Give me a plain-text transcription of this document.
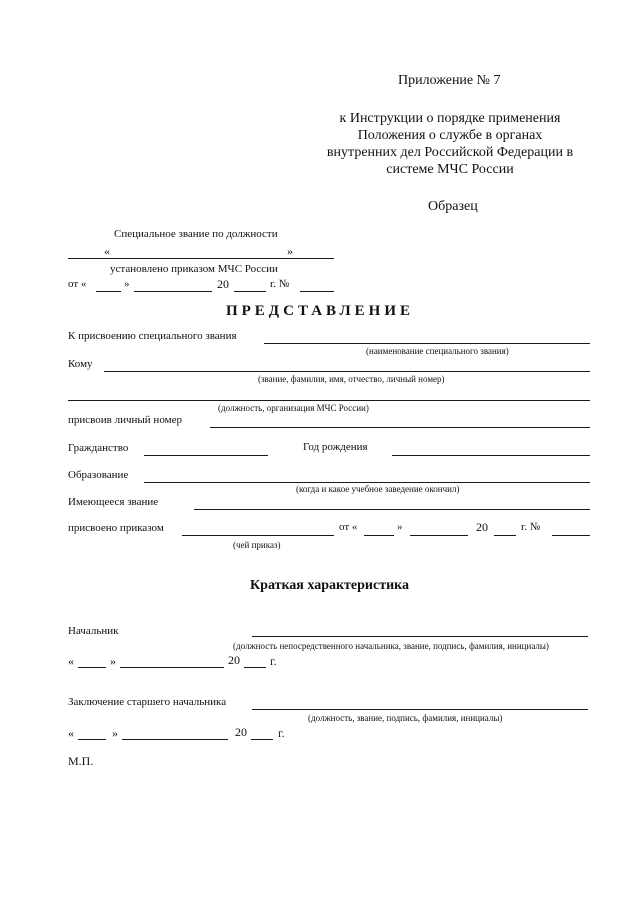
Приложение № 7
к Инструкции о порядке применения
Положения о службе в органах
внутренних дел Российской Федерации в
системе МЧС России
Образец
Специальное звание по должности
«	»
установлено приказом МЧС России
от «	»	20	г. №
ПРЕДСТАВЛЕНИЕ
К присвоению специального звания
(наименование специального звания)
Кому
(звание, фамилия, имя, отчество, личный номер)
(должность, организация МЧС России)
присвоив личный номер
Гражданство	Год рождения
Образование
(когда и какое учебное заведение окончил)
Имеющееся звание
присвоено приказом	от «	»	20	г. №
(чей приказ)
Краткая характеристика
Начальник
(должность непосредственного начальника, звание, подпись, фамилия, инициалы)
«	»	20	г.
Заключение старшего начальника
(должность, звание, подпись, фамилия, инициалы)
«	»	20	г.
М.П.
